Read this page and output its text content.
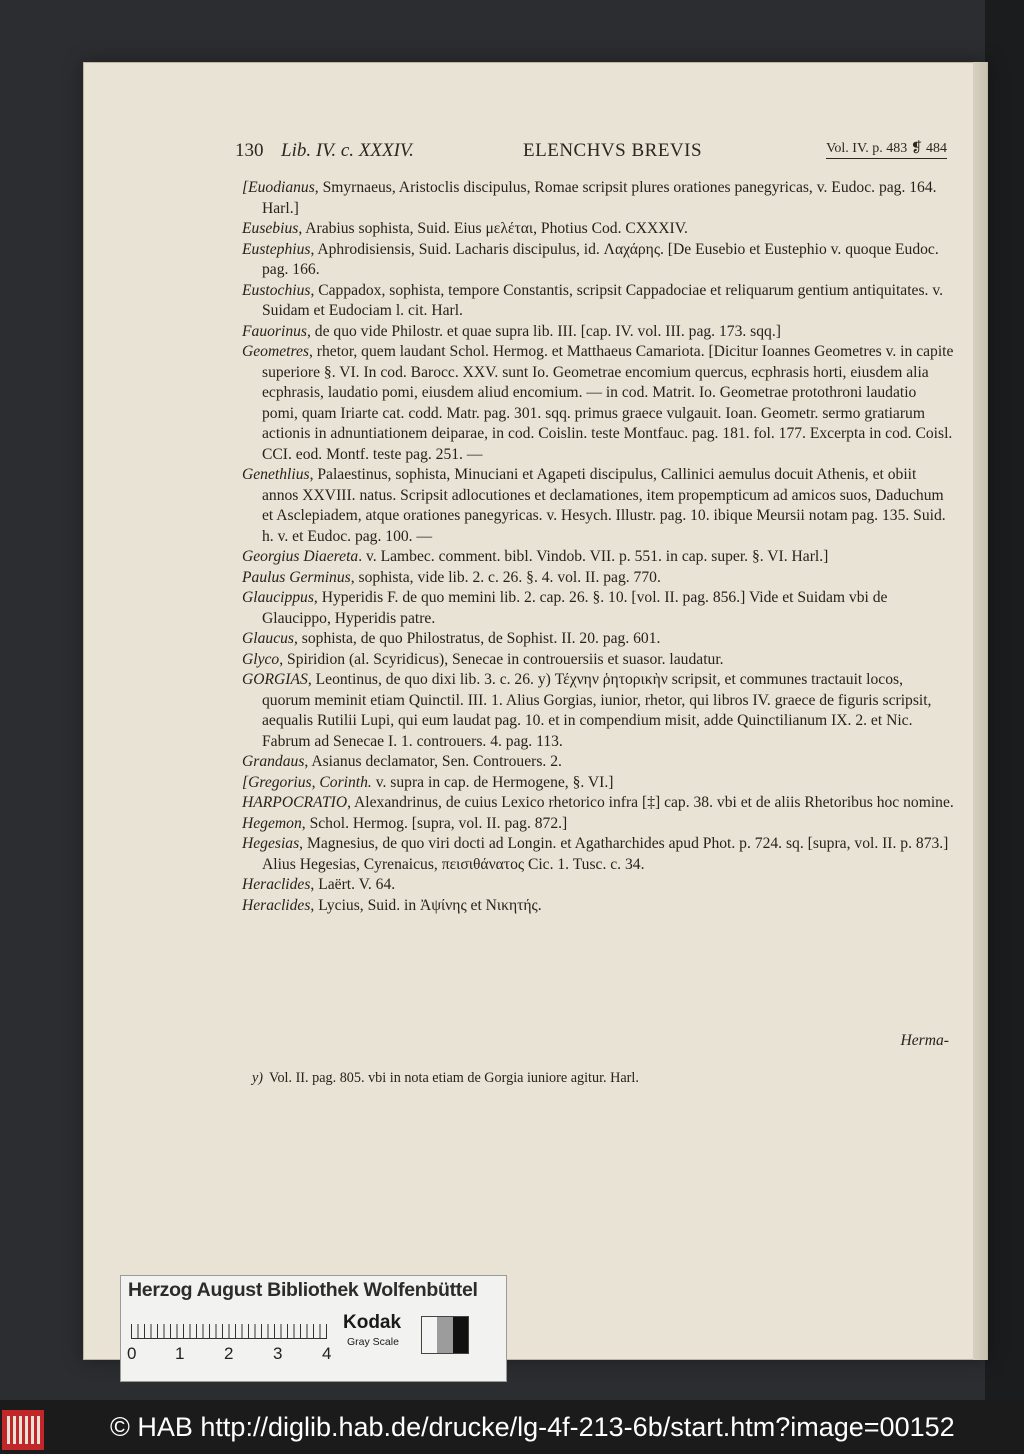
130 Lib. IV. c. XXXIV.	ELENCHVS BREVIS	Vol. IV. p. 483 ❡ 484

[Euodianus, Smyrnaeus, Aristoclis discipulus, Romae scripsit plures orationes panegyricas, v. Eudoc. pag. 164. Harl.]

Eusebius, Arabius sophista, Suid. Eius μελέται, Photius Cod. CXXXIV.

Eustephius, Aphrodisiensis, Suid. Lacharis discipulus, id. Λαχάρης. [De Eusebio et Eustephio v. quoque Eudoc. pag. 166.

Eustochius, Cappadox, sophista, tempore Constantis, scripsit Cappadociae et reliquarum gentium antiquitates. v. Suidam et Eudociam l. cit. Harl.

Fauorinus, de quo vide Philostr. et quae supra lib. III. [cap. IV. vol. III. pag. 173. sqq.]

Geometres, rhetor, quem laudant Schol. Hermog. et Matthaeus Camariota. [Dicitur Ioannes Geometres v. in capite superiore §. VI. In cod. Barocc. XXV. sunt Io. Geometrae encomium quercus, ecphrasis horti, eiusdem alia ecphrasis, laudatio pomi, eiusdem aliud encomium. — in cod. Matrit. Io. Geometrae protothroni laudatio pomi, quam Iriarte cat. codd. Matr. pag. 301. sqq. primus graece vulgauit. Ioan. Geometr. sermo gratiarum actionis in adnuntiationem deiparae, in cod. Coislin. teste Montfauc. pag. 181. fol. 177. Excerpta in cod. Coisl. CCI. eod. Montf. teste pag. 251. —

Genethlius, Palaestinus, sophista, Minuciani et Agapeti discipulus, Callinici aemulus docuit Athenis, et obiit annos XXVIII. natus. Scripsit adlocutiones et declamationes, item propempticum ad amicos suos, Daduchum et Asclepiadem, atque orationes panegyricas. v. Hesych. Illustr. pag. 10. ibique Meursii notam pag. 135. Suid. h. v. et Eudoc. pag. 100. —

Georgius Diaereta. v. Lambec. comment. bibl. Vindob. VII. p. 551. in cap. super. §. VI. Harl.]

Paulus Germinus, sophista, vide lib. 2. c. 26. §. 4. vol. II. pag. 770.

Glaucippus, Hyperidis F. de quo memini lib. 2. cap. 26. §. 10. [vol. II. pag. 856.] Vide et Suidam vbi de Glaucippo, Hyperidis patre.

Glaucus, sophista, de quo Philostratus, de Sophist. II. 20. pag. 601.

Glyco, Spiridion (al. Scyridicus), Senecae in controuersiis et suasor. laudatur.

GORGIAS, Leontinus, de quo dixi lib. 3. c. 26. y) Τέχνην ῥητορικὴν scripsit, et communes tractauit locos, quorum meminit etiam Quinctil. III. 1. Alius Gorgias, iunior, rhetor, qui libros IV. graece de figuris scripsit, aequalis Rutilii Lupi, qui eum laudat pag. 10. et in compendium misit, adde Quinctilianum IX. 2. et Nic. Fabrum ad Senecae I. 1. controuers. 4. pag. 113.

Grandaus, Asianus declamator, Sen. Controuers. 2.

[Gregorius, Corinth. v. supra in cap. de Hermogene, §. VI.]

HARPOCRATIO, Alexandrinus, de cuius Lexico rhetorico infra [‡] cap. 38. vbi et de aliis Rhetoribus hoc nomine.

Hegemon, Schol. Hermog. [supra, vol. II. pag. 872.]

Hegesias, Magnesius, de quo viri docti ad Longin. et Agatharchides apud Phot. p. 724. sq. [supra, vol. II. p. 873.] Alius Hegesias, Cyrenaicus, πεισιθάνατος Cic. 1. Tusc. c. 34.

Heraclides, Laërt. V. 64.

Heraclides, Lycius, Suid. in Ἀψίνης et Νικητής.

Herma-
y) Vol. II. pag. 805. vbi in nota etiam de Gorgia iuniore agitur. Harl.
Herzog August Bibliothek Wolfenbüttel
0 1 2 3 4
Kodak
Gray Scale
© HAB http://diglib.hab.de/drucke/lg-4f-213-6b/start.htm?image=00152
